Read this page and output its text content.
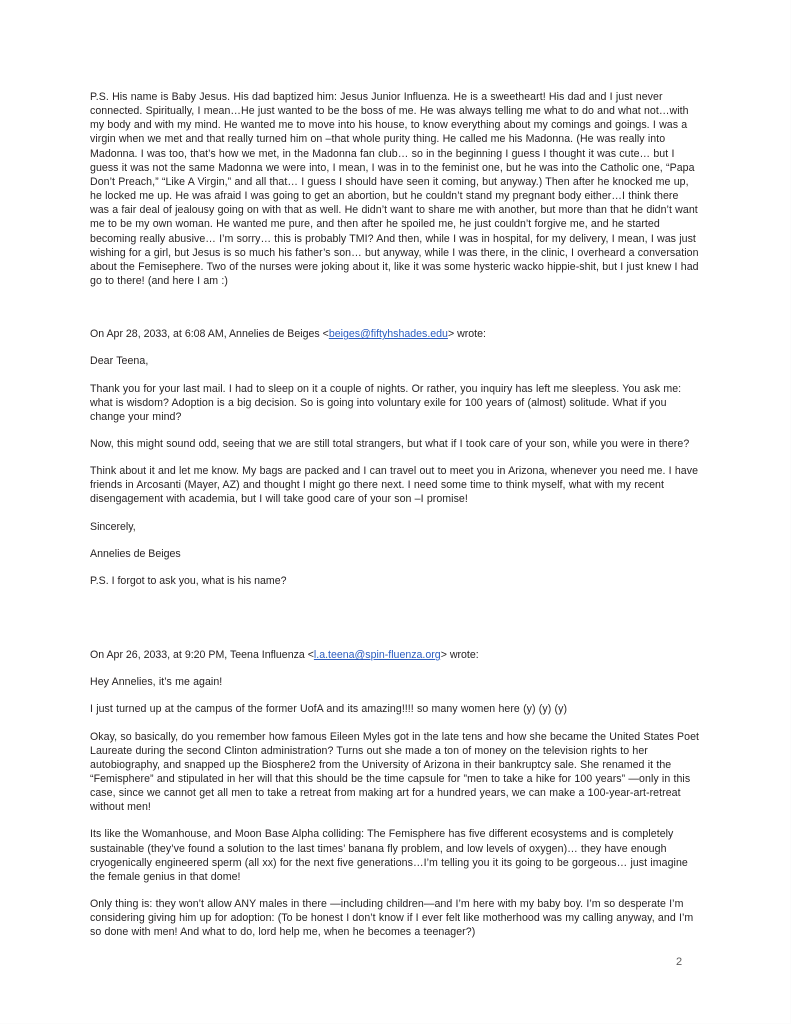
P.S. His name is Baby Jesus. His dad baptized him: Jesus Junior Influenza. He is a sweetheart! His dad and I just never connected. Spiritually, I mean…He just wanted to be the boss of me. He was always telling me what to do and what not…with my body and with my mind. He wanted me to move into his house, to know everything about my comings and goings. I was a virgin when we met and that really turned him on –that whole purity thing. He called me his Madonna. (He was really into Madonna. I was too, that’s how we met, in the Madonna fan club… so in the beginning I guess I thought it was cute… but I guess it was not the same Madonna we were into, I mean, I was in to the feminist one, but he was into the Catholic one, “Papa Don’t Preach,” “Like A Virgin,” and all that… I guess I should have seen it coming, but anyway.) Then after he knocked me up, he locked me up. He was afraid I was going to get an abortion, but he couldn’t stand my pregnant body either…I think there was a fair deal of jealousy going on with that as well. He didn’t want to share me with another, but more than that he didn’t want me to be my own woman. He wanted me pure, and then after he spoiled me, he just couldn’t forgive me, and he started becoming really abusive… I’m sorry… this is probably TMI? And then, while I was in hospital, for my delivery, I mean, I was just wishing for a girl, but Jesus is so much his father’s son… but anyway, while I was there, in the clinic, I overheard a conversation about the Femisephere. Two of the nurses were joking about it, like it was some hysteric wacko hippie-shit, but I just knew I had go to there! (and here I am :)

On Apr 28, 2033, at 6:08 AM, Annelies de Beiges <beiges@fiftyhshades.edu> wrote:

Dear Teena,

Thank you for your last mail. I had to sleep on it a couple of nights. Or rather, you inquiry has left me sleepless. You ask me: what is wisdom? Adoption is a big decision. So is going into voluntary exile for 100 years of (almost) solitude. What if you change your mind?

Now, this might sound odd, seeing that we are still total strangers, but what if I took care of your son, while you were in there?

Think about it and let me know. My bags are packed and I can travel out to meet you in Arizona, whenever you need me. I have friends in Arcosanti (Mayer, AZ) and thought I might go there next. I need some time to think myself, what with my recent disengagement with academia, but I will take good care of your son –I promise!

Sincerely,

Annelies de Beiges

P.S. I forgot to ask you, what is his name?

On Apr 26, 2033, at 9:20 PM, Teena Influenza <l.a.teena@spin-fluenza.org> wrote:

Hey Annelies, it’s me again!

I just turned up at the campus of the former UofA and its amazing!!!! so many women here (y) (y) (y)

Okay, so basically, do you remember how famous Eileen Myles got in the late tens and how she became the United States Poet Laureate during the second Clinton administration? Turns out she made a ton of money on the television rights to her autobiography, and snapped up the Biosphere2 from the University of Arizona in their bankruptcy sale. She renamed it the “Femisphere” and stipulated in her will that this should be the time capsule for ”men to take a hike for 100 years” —only in this case, since we cannot get all men to take a retreat from making art for a hundred years, we can make a 100-year-art-retreat without men!

Its like the Womanhouse, and Moon Base Alpha colliding: The Femisphere has five different ecosystems and is completely sustainable (they’ve found a solution to the last times’ banana fly problem, and low levels of oxygen)… they have enough cryogenically engineered sperm (all xx) for the next five generations…I’m telling you it its going to be gorgeous… just imagine the female genius in that dome!

Only thing is: they won’t allow ANY males in there —including children—and I’m here with my baby boy. I’m so desperate I’m considering giving him up for adoption: (To be honest I don’t know if I ever felt like motherhood was my calling anyway, and I’m so done with men! And what to do, lord help me, when he becomes a teenager?)

2
